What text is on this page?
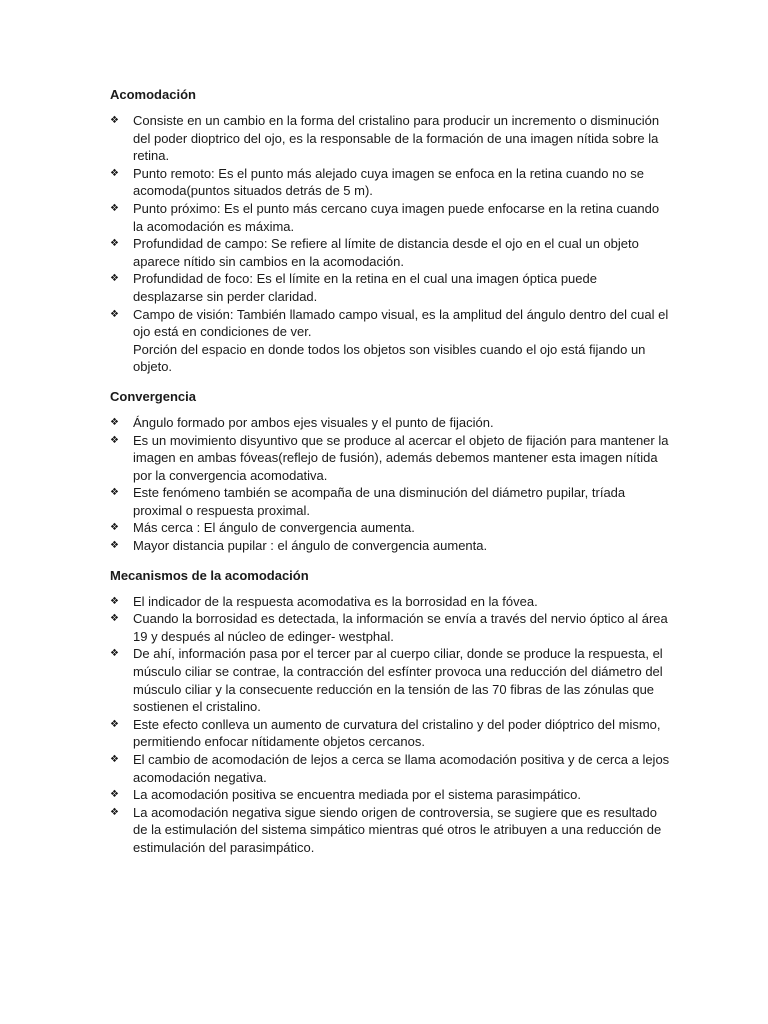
Acomodación
❖ Consiste en un cambio en la forma del cristalino para producir un incremento o disminución del poder dioptrico del ojo, es la responsable de la formación de una imagen nítida sobre la retina.
❖ Punto remoto: Es el punto más alejado cuya imagen se enfoca en la retina cuando no se acomoda(puntos situados detrás de 5 m).
❖ Punto próximo: Es el punto más cercano cuya imagen puede enfocarse en la retina cuando la acomodación es máxima.
❖ Profundidad de campo: Se refiere al límite de distancia desde el ojo en el cual un objeto aparece nítido sin cambios en la acomodación.
❖ Profundidad de foco: Es el límite en la retina en el cual una imagen óptica puede desplazarse sin perder claridad.
❖ Campo de visión: También llamado campo visual, es la amplitud del ángulo dentro del cual el ojo está en condiciones de ver.
Porción del espacio en donde todos los objetos son visibles cuando el ojo está fijando un objeto.
Convergencia
❖ Ángulo formado por ambos ejes visuales y el punto de fijación.
❖ Es un movimiento disyuntivo que se produce al acercar el objeto de fijación para mantener la imagen en ambas fóveas(reflejo de fusión), además debemos mantener esta imagen nítida por la convergencia acomodativa.
❖ Este fenómeno también se acompaña de una disminución del diámetro pupilar, tríada proximal o respuesta proximal.
❖ Más cerca : El ángulo de convergencia aumenta.
❖ Mayor distancia pupilar : el ángulo de convergencia aumenta.
Mecanismos de la acomodación
❖ El indicador de la respuesta acomodativa es la borrosidad en la fóvea.
❖ Cuando la borrosidad es detectada, la información se envía a través del nervio óptico al área 19 y después al núcleo de edinger- westphal.
❖ De ahí, información pasa por el tercer par al cuerpo ciliar, donde se produce la respuesta, el músculo ciliar se contrae, la contracción del esfínter provoca una reducción del diámetro del músculo ciliar y la consecuente reducción en la tensión de las 70 fibras de las zónulas que sostienen el cristalino.
❖ Este efecto conlleva un aumento de curvatura del cristalino y del poder dióptrico del mismo, permitiendo enfocar nítidamente objetos cercanos.
❖ El cambio de acomodación de lejos a cerca se llama acomodación positiva y de cerca a lejos acomodación negativa.
❖ La acomodación positiva se encuentra mediada por el sistema parasimpático.
❖ La acomodación negativa sigue siendo origen de controversia, se sugiere que es resultado de la estimulación del sistema simpático mientras qué otros le atribuyen a una reducción de estimulación del parasimpático.
